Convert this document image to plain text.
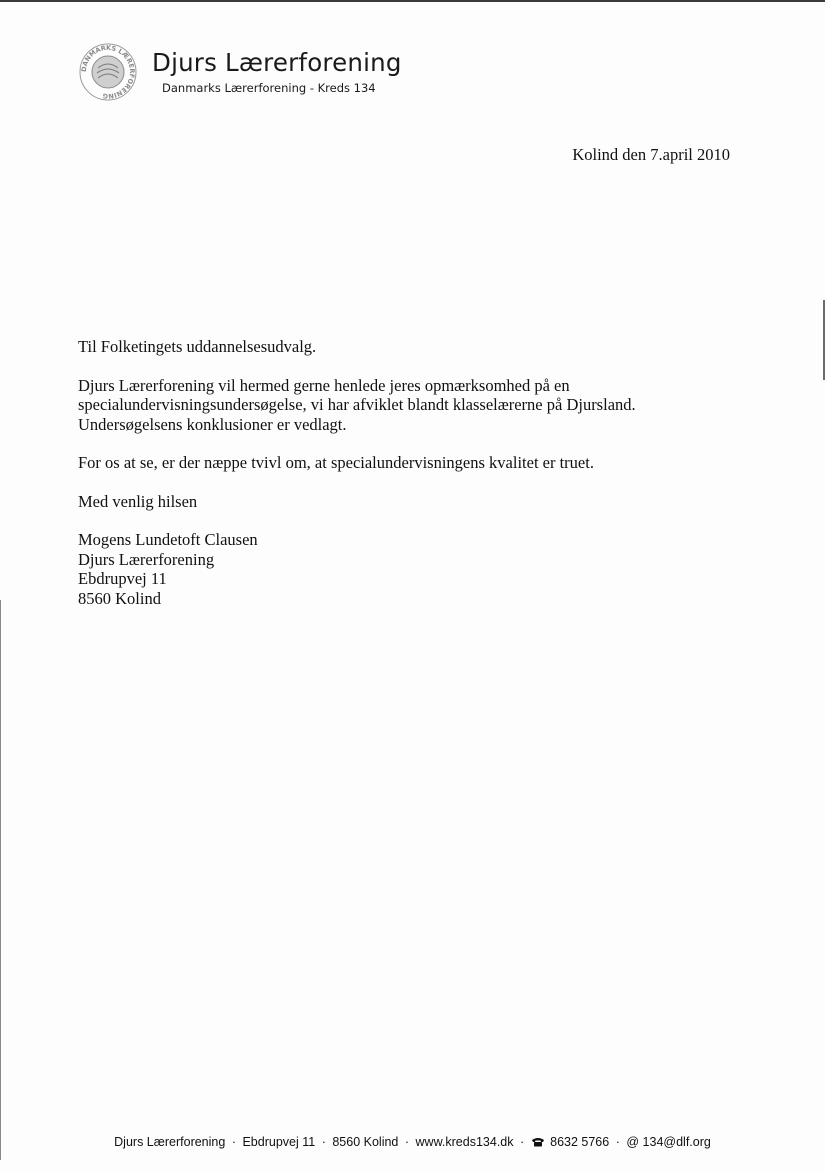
DANMARKS LÆRERFORENING
Djurs Lærerforening
Danmarks Lærerforening - Kreds 134
Kolind den 7.april 2010

Til Folketingets uddannelsesudvalg.

Djurs Lærerforening vil hermed gerne henlede jeres opmærksomhed på en
specialundervisningsundersøgelse, vi har afviklet blandt klasselærerne på Djursland.
Undersøgelsens konklusioner er vedlagt.

For os at se, er der næppe tvivl om, at specialundervisningens kvalitet er truet.

Med venlig hilsen

Mogens Lundetoft Clausen
Djurs Lærerforening
Ebdrupvej 11
8560 Kolind

Djurs Lærerforening · Ebdrupvej 11 · 8560 Kolind · www.kreds134.dk · 8632 5766 · @ 134@dlf.org
